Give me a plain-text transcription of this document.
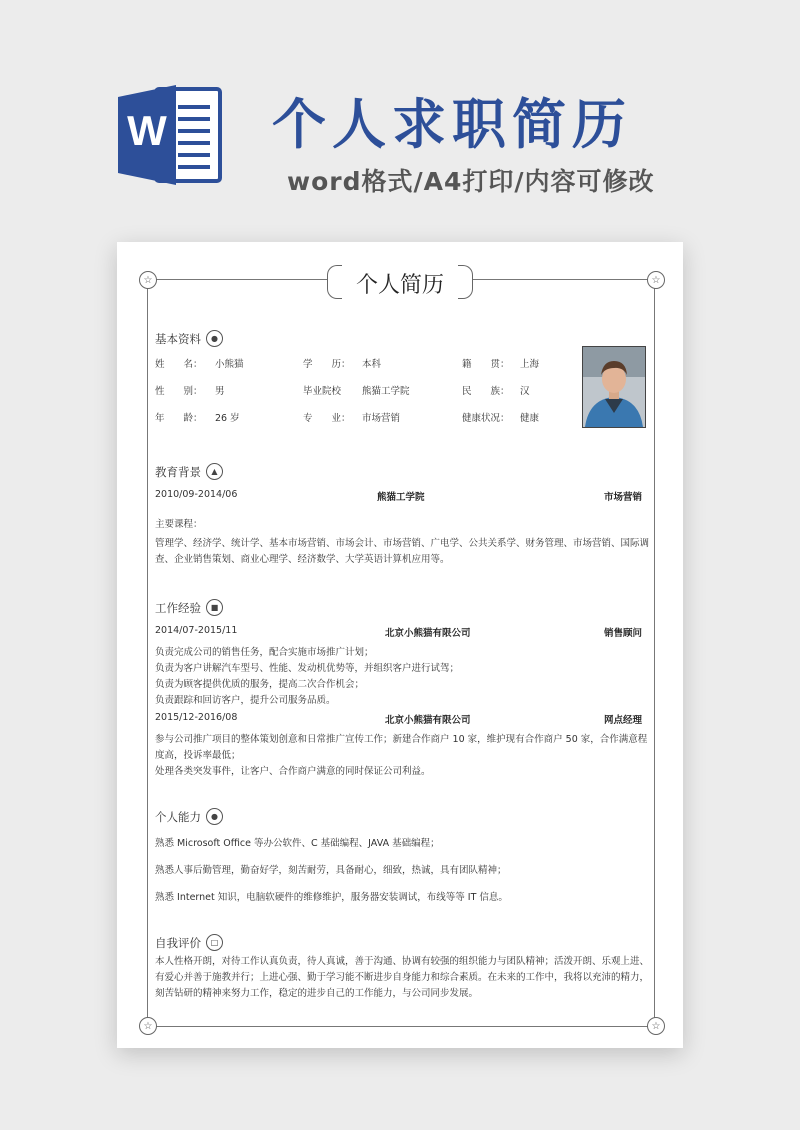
W 个人求职简历
word格式/A4打印/内容可修改
☆	☆
☆	☆
个人简历
基本资料	●
姓　　名： 小熊猫	学　　历： 本科	籍　　贯： 上海
性　　别： 男	毕业院校 熊猫工学院	民　　族： 汉
年　　龄： 26 岁	专　　业： 市场营销	健康状况： 健康
教育背景	▲
2010/09-2014/06	熊猫工学院	市场营销
主要课程：
管理学、经济学、统计学、基本市场营销、市场会计、市场营销、广电学、公共关系学、财务管理、市场营销、国际调查、企业销售策划、商业心理学、经济数学、大学英语计算机应用等。
工作经验	■
2014/07-2015/11	北京小熊猫有限公司	销售顾问
负责完成公司的销售任务，配合实施市场推广计划；
负责为客户讲解汽车型号、性能、发动机优势等，并组织客户进行试驾；
负责为顾客提供优质的服务，提高二次合作机会；
负责跟踪和回访客户，提升公司服务品质。
2015/12-2016/08	北京小熊猫有限公司	网点经理
参与公司推广项目的整体策划创意和日常推广宣传工作；新建合作商户 10 家，维护现有合作商户 50 家，合作满意程度高，投诉率最低；
处理各类突发事件，让客户、合作商户满意的同时保证公司利益。
个人能力	●
熟悉 Microsoft Office 等办公软件、C 基础编程、JAVA 基础编程；
熟悉人事后勤管理，勤奋好学，刻苦耐劳，具备耐心，细致，热诚，具有团队精神；
熟悉 Internet 知识，电脑软硬件的维修维护，服务器安装调试，布线等等 IT 信息。
自我评价	□
本人性格开朗，对待工作认真负责，待人真诚，善于沟通、协调有较强的组织能力与团队精神；活泼开朗、乐观上进、有爱心并善于施教并行；上进心强、勤于学习能不断进步自身能力和综合素质。在未来的工作中，我将以充沛的精力，刻苦钻研的精神来努力工作，稳定的进步自己的工作能力，与公司同步发展。
